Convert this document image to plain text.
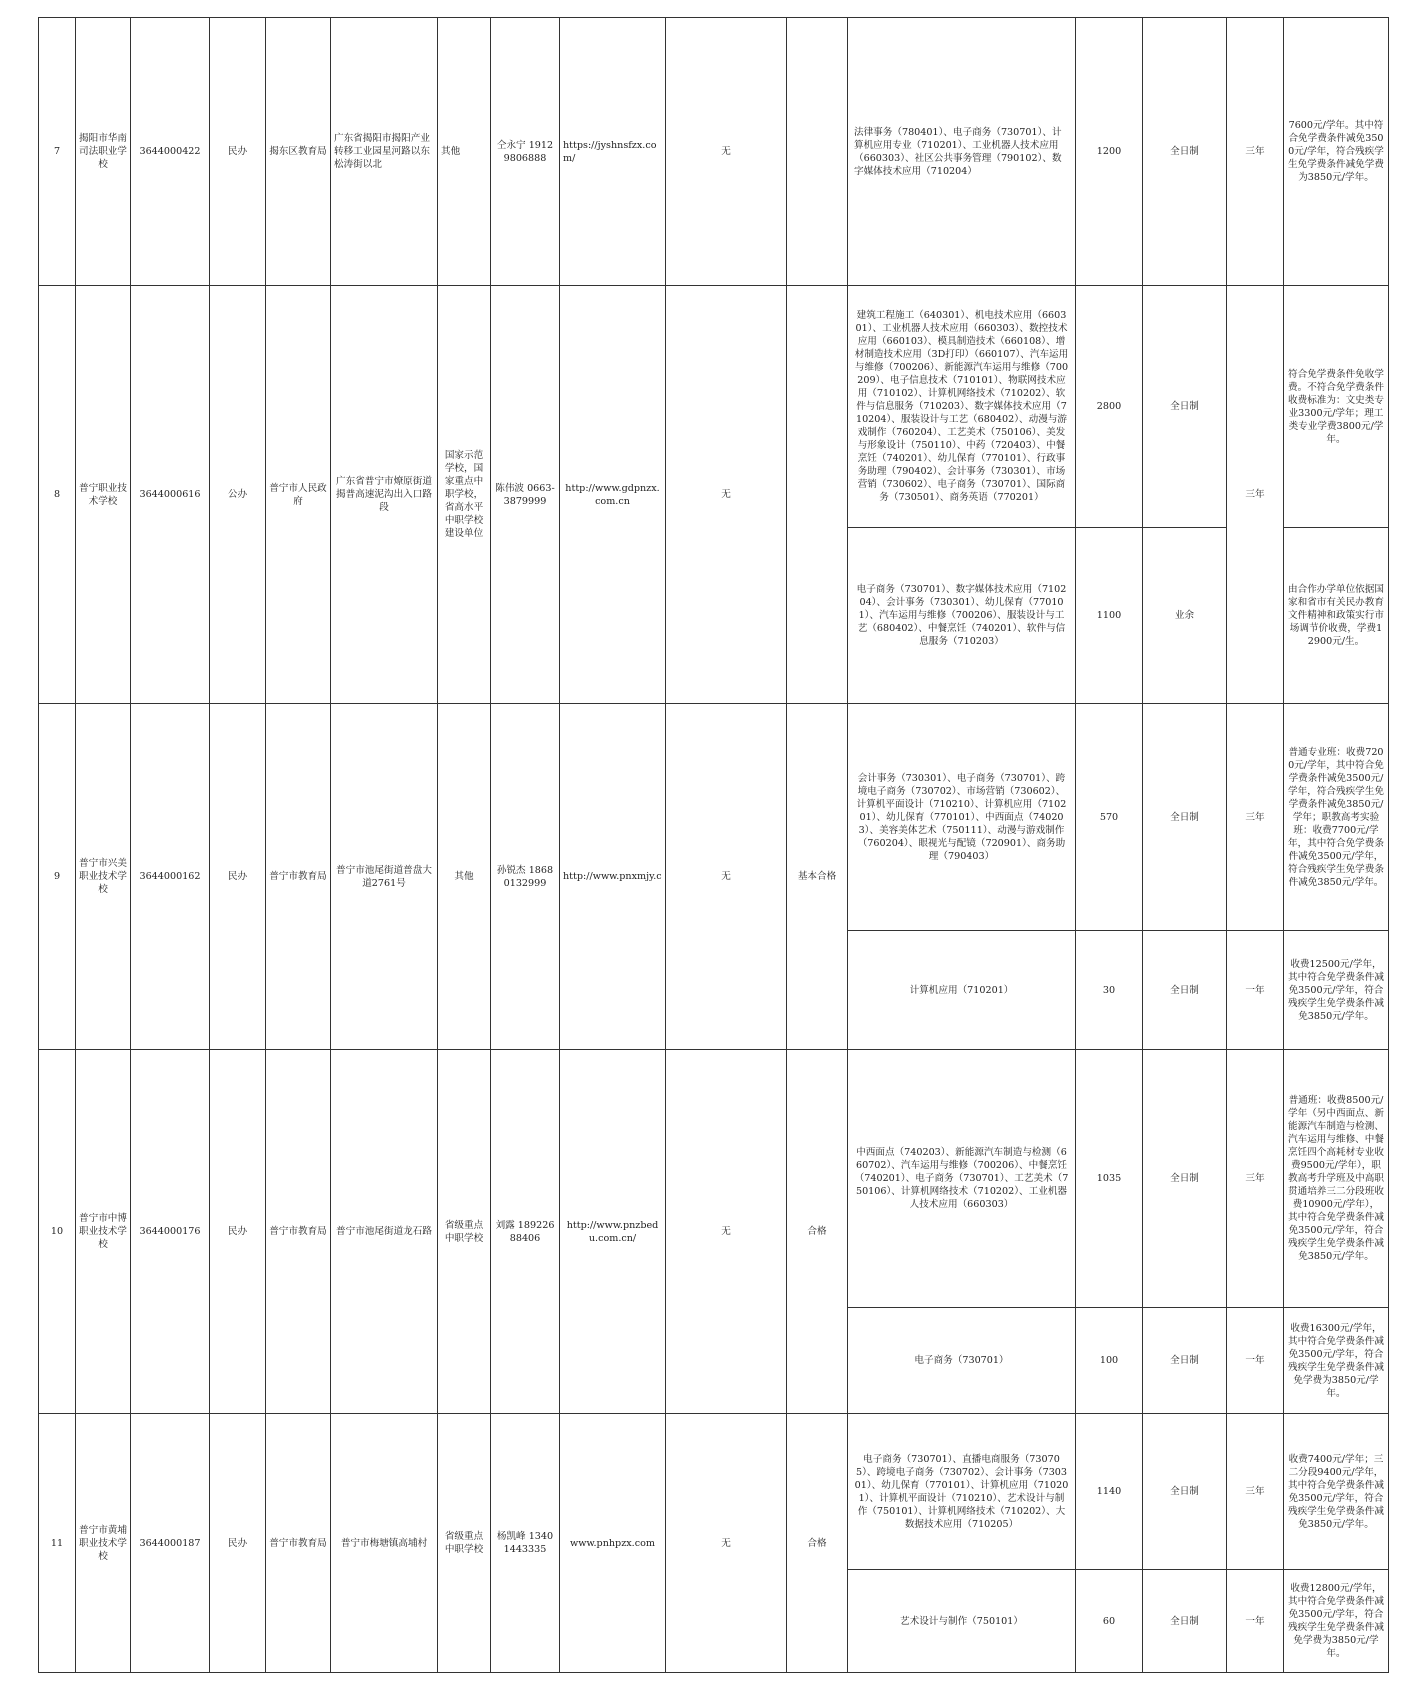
7	揭阳市华南司法职业学校	3644000422	民办	揭东区教育局	广东省揭阳市揭阳产业转移工业园星河路以东松涛街以北	其他	仝永宁 19129806888	https://jyshnsfzx.com/	无		法律事务（780401）、电子商务（730701）、计算机应用专业（710201）、工业机器人技术应用（660303）、社区公共事务管理（790102）、数字媒体技术应用（710204）	1200	全日制	三年	7600元/学年。其中符合免学费条件减免3500元/学年，符合残疾学生免学费条件减免学费为3850元/学年。
8	普宁职业技术学校	3644000616	公办	普宁市人民政府	广东省普宁市燎原街道揭普高速泥沟出入口路段	国家示范学校，国家重点中职学校，省高水平中职学校建设单位	陈伟波 0663-3879999	http://www.gdpnzx.com.cn	无		建筑工程施工（640301）、机电技术应用（660301）、工业机器人技术应用（660303）、数控技术应用（660103）、模具制造技术（660108）、增材制造技术应用（3D打印）（660107）、汽车运用与维修（700206）、新能源汽车运用与维修（700209）、电子信息技术（710101）、物联网技术应用（710102）、计算机网络技术（710202）、软件与信息服务（710203）、数字媒体技术应用（710204）、服装设计与工艺（680402）、动漫与游戏制作（760204）、工艺美术（750106）、美发与形象设计（750110）、中药（720403）、中餐烹饪（740201）、幼儿保育（770101）、行政事务助理（790402）、会计事务（730301）、市场营销（730602）、电子商务（730701）、国际商务（730501）、商务英语（770201）	2800	全日制	三年	符合免学费条件免收学费。不符合免学费条件收费标准为：文史类专业3300元/学年；理工类专业学费3800元/学年。
											电子商务（730701）、数字媒体技术应用（710204）、会计事务（730301）、幼儿保育（770101）、汽车运用与维修（700206）、服装设计与工艺（680402）、中餐烹饪（740201）、软件与信息服务（710203）	1100	业余		由合作办学单位依据国家和省市有关民办教育文件精神和政策实行市场调节价收费，学费12900元/生。
9	普宁市兴美职业技术学校	3644000162	民办	普宁市教育局	普宁市池尾街道普盘大道2761号	其他	孙锐杰 18680132999	http://www.pnxmjy.c	无	基本合格	会计事务（730301）、电子商务（730701）、跨境电子商务（730702）、市场营销（730602）、计算机平面设计（710210）、计算机应用（710201）、幼儿保育（770101）、中西面点（740203）、美容美体艺术（750111）、动漫与游戏制作（760204）、眼视光与配镜（720901）、商务助理（790403）	570	全日制	三年	普通专业班：收费7200元/学年，其中符合免学费条件减免3500元/学年，符合残疾学生免学费条件减免3850元/学年；职教高考实验班：收费7700元/学年，其中符合免学费条件减免3500元/学年，符合残疾学生免学费条件减免3850元/学年。
											计算机应用（710201）	30	全日制	一年	收费12500元/学年，其中符合免学费条件减免3500元/学年，符合残疾学生免学费条件减免3850元/学年。
10	普宁市中博职业技术学校	3644000176	民办	普宁市教育局	普宁市池尾街道龙石路	省级重点中职学校	刘露 18922688406	http://www.pnzbedu.com.cn/	无	合格	中西面点（740203）、新能源汽车制造与检测（660702）、汽车运用与维修（700206）、中餐烹饪（740201）、电子商务（730701）、工艺美术（750106）、计算机网络技术（710202）、工业机器人技术应用（660303）	1035	全日制	三年	普通班：收费8500元/学年（另中西面点、新能源汽车制造与检测、汽车运用与维修、中餐烹饪四个高耗材专业收费9500元/学年），职教高考升学班及中高职贯通培养三二分段班收费10900元/学年），其中符合免学费条件减免3500元/学年，符合残疾学生免学费条件减免3850元/学年。
											电子商务（730701）	100	全日制	一年	收费16300元/学年，其中符合免学费条件减免3500元/学年，符合残疾学生免学费条件减免学费为3850元/学年。
11	普宁市黄埔职业技术学校	3644000187	民办	普宁市教育局	普宁市梅塘镇高埔村	省级重点中职学校	杨凯峰 13401443335	www.pnhpzx.com	无	合格	电子商务（730701）、直播电商服务（730705）、跨境电子商务（730702）、会计事务（730301）、幼儿保育（770101）、计算机应用（710201）、计算机平面设计（710210）、艺术设计与制作（750101）、计算机网络技术（710202）、大数据技术应用（710205）	1140	全日制	三年	收费7400元/学年；三二分段9400元/学年，其中符合免学费条件减免3500元/学年，符合残疾学生免学费条件减免3850元/学年。
											艺术设计与制作（750101）	60	全日制	一年	收费12800元/学年，其中符合免学费条件减免3500元/学年，符合残疾学生免学费条件减免学费为3850元/学年。
